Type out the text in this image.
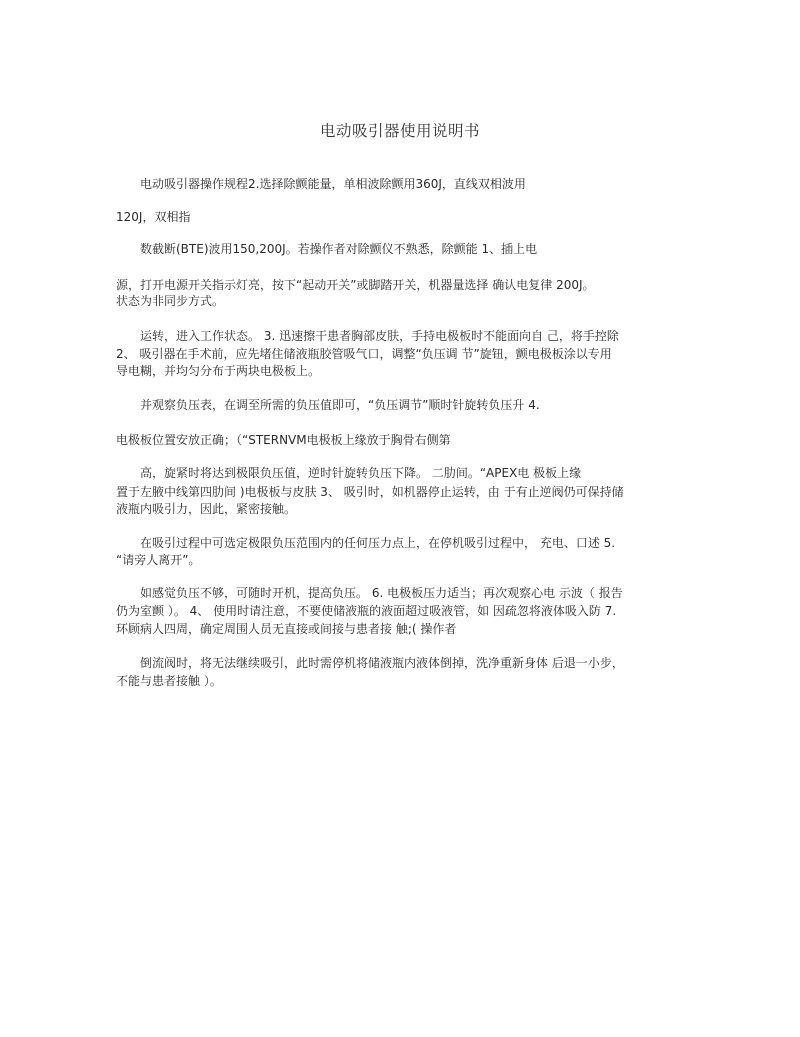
电动吸引器使用说明书
电动吸引器操作规程2.选择除颤能量，单相波除颤用360J，直线双相波用
120J，双相指
数截断(BTE)波用150,200J。若操作者对除颤仪不熟悉，除颤能 1、插上电
源，打开电源开关指示灯亮，按下“起动开关”或脚踏开关，机器量选择 确认电复律 200J。
状态为非同步方式。
运转，进入工作状态。 3. 迅速擦干患者胸部皮肤，手持电极板时不能面向自 己，将手控除
2、 吸引器在手术前，应先堵住储液瓶胶管吸气口，调整“负压调 节”旋钮，颤电极板涂以专用
导电糊，并均匀分布于两块电极板上。
并观察负压表，在调至所需的负压值即可，“负压调节”顺时针旋转负压升 4.
电极板位置安放正确；（“STERNVM电极板上缘放于胸骨右侧第
高，旋紧时将达到极限负压值，逆时针旋转负压下降。 二肋间。“APEX电 极板上缘
置于左腋中线第四肋间 )电极板与皮肤 3、 吸引时，如机器停止运转，由 于有止逆阀仍可保持储
液瓶内吸引力，因此，紧密接触。
在吸引过程中可选定极限负压范围内的任何压力点上，在停机吸引过程中， 充电、口述 5.
“请旁人离开”。
如感觉负压不够，可随时开机，提高负压。 6. 电极板压力适当；再次观察心电 示波（ 报告
仍为室颤 ）。 4、 使用时请注意，不要使储液瓶的液面超过吸液管，如 因疏忽将液体吸入防 7.
环顾病人四周，确定周围人员无直接或间接与患者接 触;( 操作者
倒流阀时，将无法继续吸引，此时需停机将储液瓶内液体倒掉，洗净重新身体 后退一小步，
不能与患者接触 ）。
